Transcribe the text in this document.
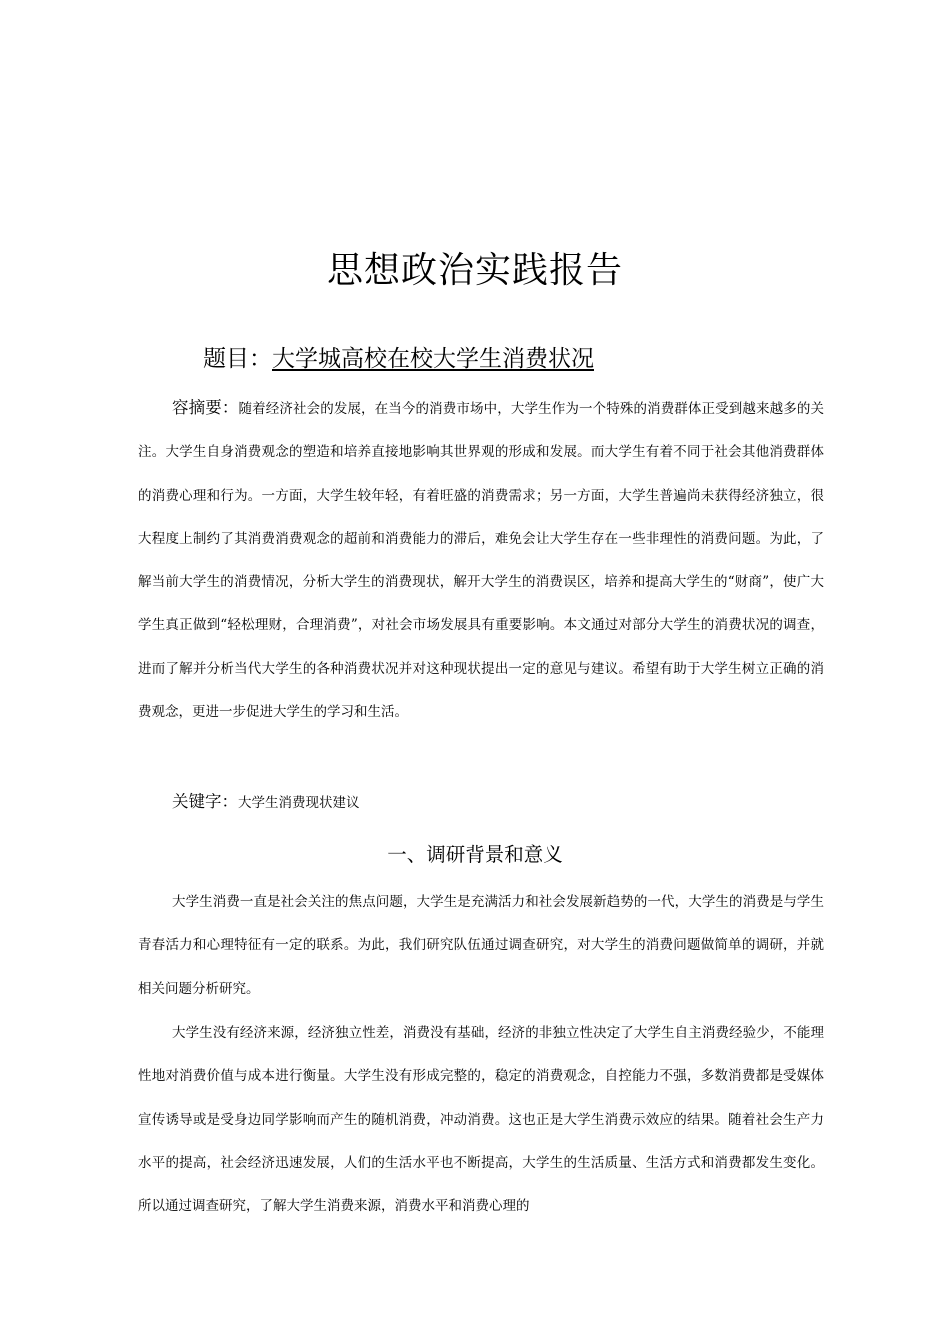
思想政治实践报告
题目：大学城高校在校大学生消费状况
容摘要：随着经济社会的发展，在当今的消费市场中，大学生作为一个特殊的消费群体正受到越来越多的关注。大学生自身消费观念的塑造和培养直接地影响其世界观的形成和发展。而大学生有着不同于社会其他消费群体的消费心理和行为。一方面，大学生较年轻，有着旺盛的消费需求；另一方面，大学生普遍尚未获得经济独立，很大程度上制约了其消费消费观念的超前和消费能力的滞后，难免会让大学生存在一些非理性的消费问题。为此，了解当前大学生的消费情况，分析大学生的消费现状，解开大学生的消费误区，培养和提高大学生的“财商”，使广大学生真正做到“轻松理财，合理消费”，对社会市场发展具有重要影响。本文通过对部分大学生的消费状况的调查，进而了解并分析当代大学生的各种消费状况并对这种现状提出一定的意见与建议。希望有助于大学生树立正确的消费观念，更进一步促进大学生的学习和生活。
关键字：大学生消费现状建议
一、调研背景和意义
大学生消费一直是社会关注的焦点问题，大学生是充满活力和社会发展新趋势的一代，大学生的消费是与学生青春活力和心理特征有一定的联系。为此，我们研究队伍通过调查研究，对大学生的消费问题做简单的调研，并就相关问题分析研究。
大学生没有经济来源，经济独立性差，消费没有基础，经济的非独立性决定了大学生自主消费经验少，不能理性地对消费价值与成本进行衡量。大学生没有形成完整的，稳定的消费观念，自控能力不强，多数消费都是受媒体宣传诱导或是受身边同学影响而产生的随机消费，冲动消费。这也正是大学生消费示效应的结果。随着社会生产力水平的提高，社会经济迅速发展，人们的生活水平也不断提高，大学生的生活质量、生活方式和消费都发生变化。所以通过调查研究，了解大学生消费来源，消费水平和消费心理的
